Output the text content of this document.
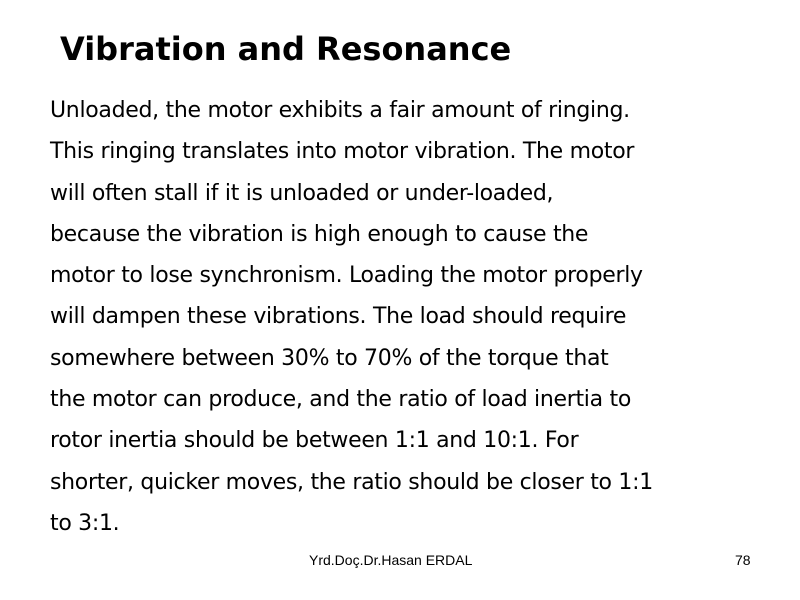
Vibration and Resonance
Unloaded, the motor exhibits a fair amount of ringing.
This ringing translates into motor vibration. The motor
will often stall if it is unloaded or under-loaded,
because the vibration is high enough to cause the
motor to lose synchronism. Loading the motor properly
will dampen these vibrations. The load should require
somewhere between 30% to 70% of the torque that
the motor can produce, and the ratio of load inertia to
rotor inertia should be between 1:1 and 10:1. For
shorter, quicker moves, the ratio should be closer to 1:1
to 3:1.
Yrd.Doç.Dr.Hasan ERDAL	78
